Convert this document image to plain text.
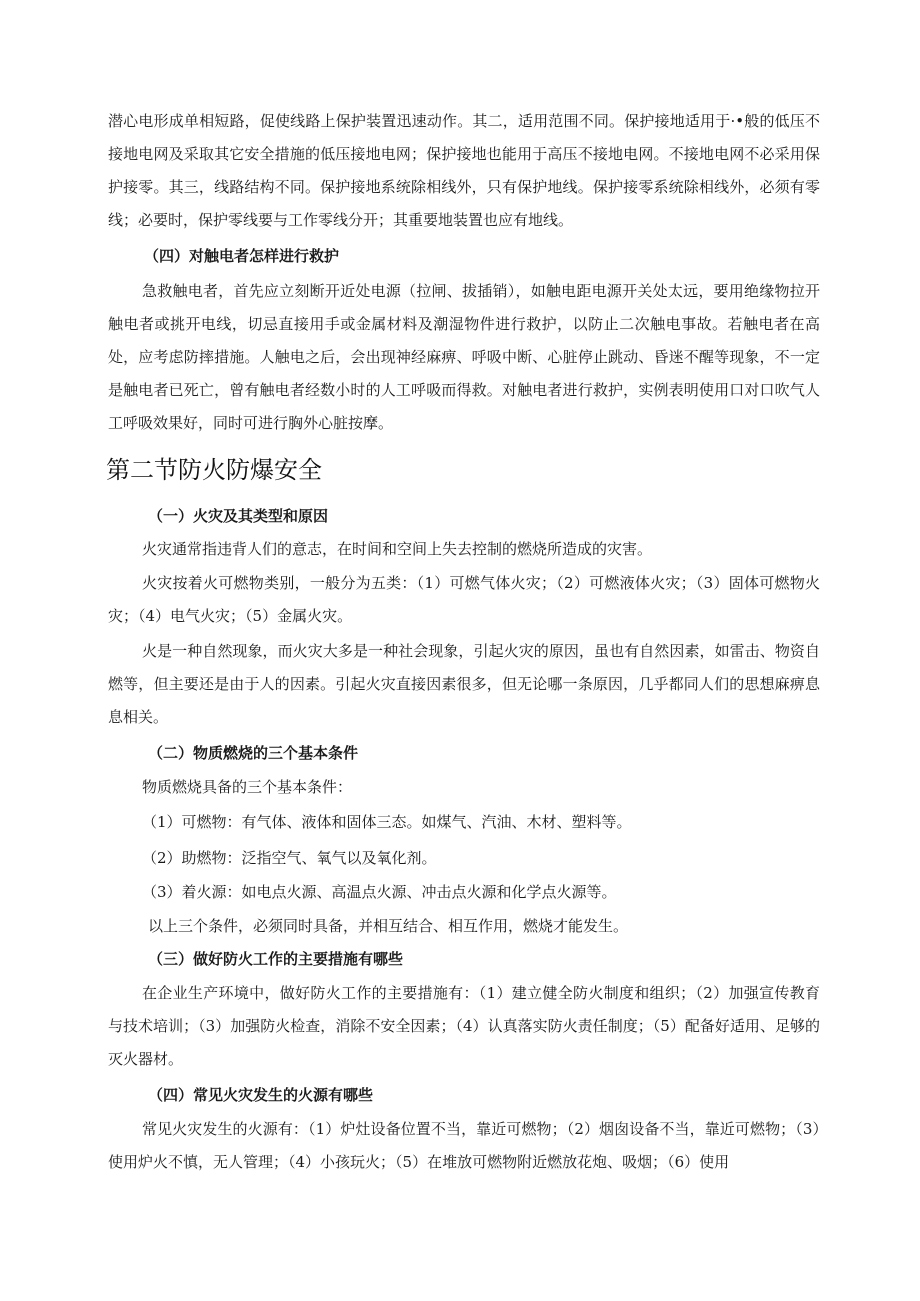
潜心电形成单相短路，促使线路上保护装置迅速动作。其二，适用范围不同。保护接地适用于·•般的低压不接地电网及采取其它安全措施的低压接地电网；保护接地也能用于高压不接地电网。不接地电网不必采用保护接零。其三，线路结构不同。保护接地系统除相线外，只有保护地线。保护接零系统除相线外，必须有零线；必要时，保护零线要与工作零线分开；其重要地装置也应有地线。

（四）对触电者怎样进行救护

急救触电者，首先应立刻断开近处电源（拉闸、拔插销），如触电距电源开关处太远，要用绝缘物拉开触电者或挑开电线，切忌直接用手或金属材料及潮湿物件进行救护，以防止二次触电事故。若触电者在高处，应考虑防摔措施。人触电之后，会出现神经麻痹、呼吸中断、心脏停止跳动、昏迷不醒等现象，不一定是触电者已死亡，曾有触电者经数小时的人工呼吸而得救。对触电者进行救护，实例表明使用口对口吹气人工呼吸效果好，同时可进行胸外心脏按摩。

第二节防火防爆安全
（一）火灾及其类型和原因

火灾通常指违背人们的意志，在时间和空间上失去控制的燃烧所造成的灾害。

火灾按着火可燃物类别，一般分为五类：（1）可燃气体火灾；（2）可燃液体火灾；（3）固体可燃物火灾；（4）电气火灾；（5）金属火灾。

火是一种自然现象，而火灾大多是一种社会现象，引起火灾的原因，虽也有自然因素，如雷击、物资自燃等，但主要还是由于人的因素。引起火灾直接因素很多，但无论哪一条原因，几乎都同人们的思想麻痹息息相关。

（二）物质燃烧的三个基本条件

物质燃烧具备的三个基本条件：

（1）可燃物：有气体、液体和固体三态。如煤气、汽油、木材、塑料等。

（2）助燃物：泛指空气、氧气以及氧化剂。

（3）着火源：如电点火源、高温点火源、冲击点火源和化学点火源等。

以上三个条件，必须同时具备，并相互结合、相互作用，燃烧才能发生。

（三）做好防火工作的主要措施有哪些

在企业生产环境中，做好防火工作的主要措施有：（1）建立健全防火制度和组织；（2）加强宣传教育与技术培训；（3）加强防火检查，消除不安全因素；（4）认真落实防火责任制度；（5）配备好适用、足够的灭火器材。

（四）常见火灾发生的火源有哪些

常见火灾发生的火源有：（1）炉灶设备位置不当，靠近可燃物；（2）烟囱设备不当，靠近可燃物；（3）使用炉火不慎，无人管理；（4）小孩玩火；（5）在堆放可燃物附近燃放花炮、吸烟；（6）使用
